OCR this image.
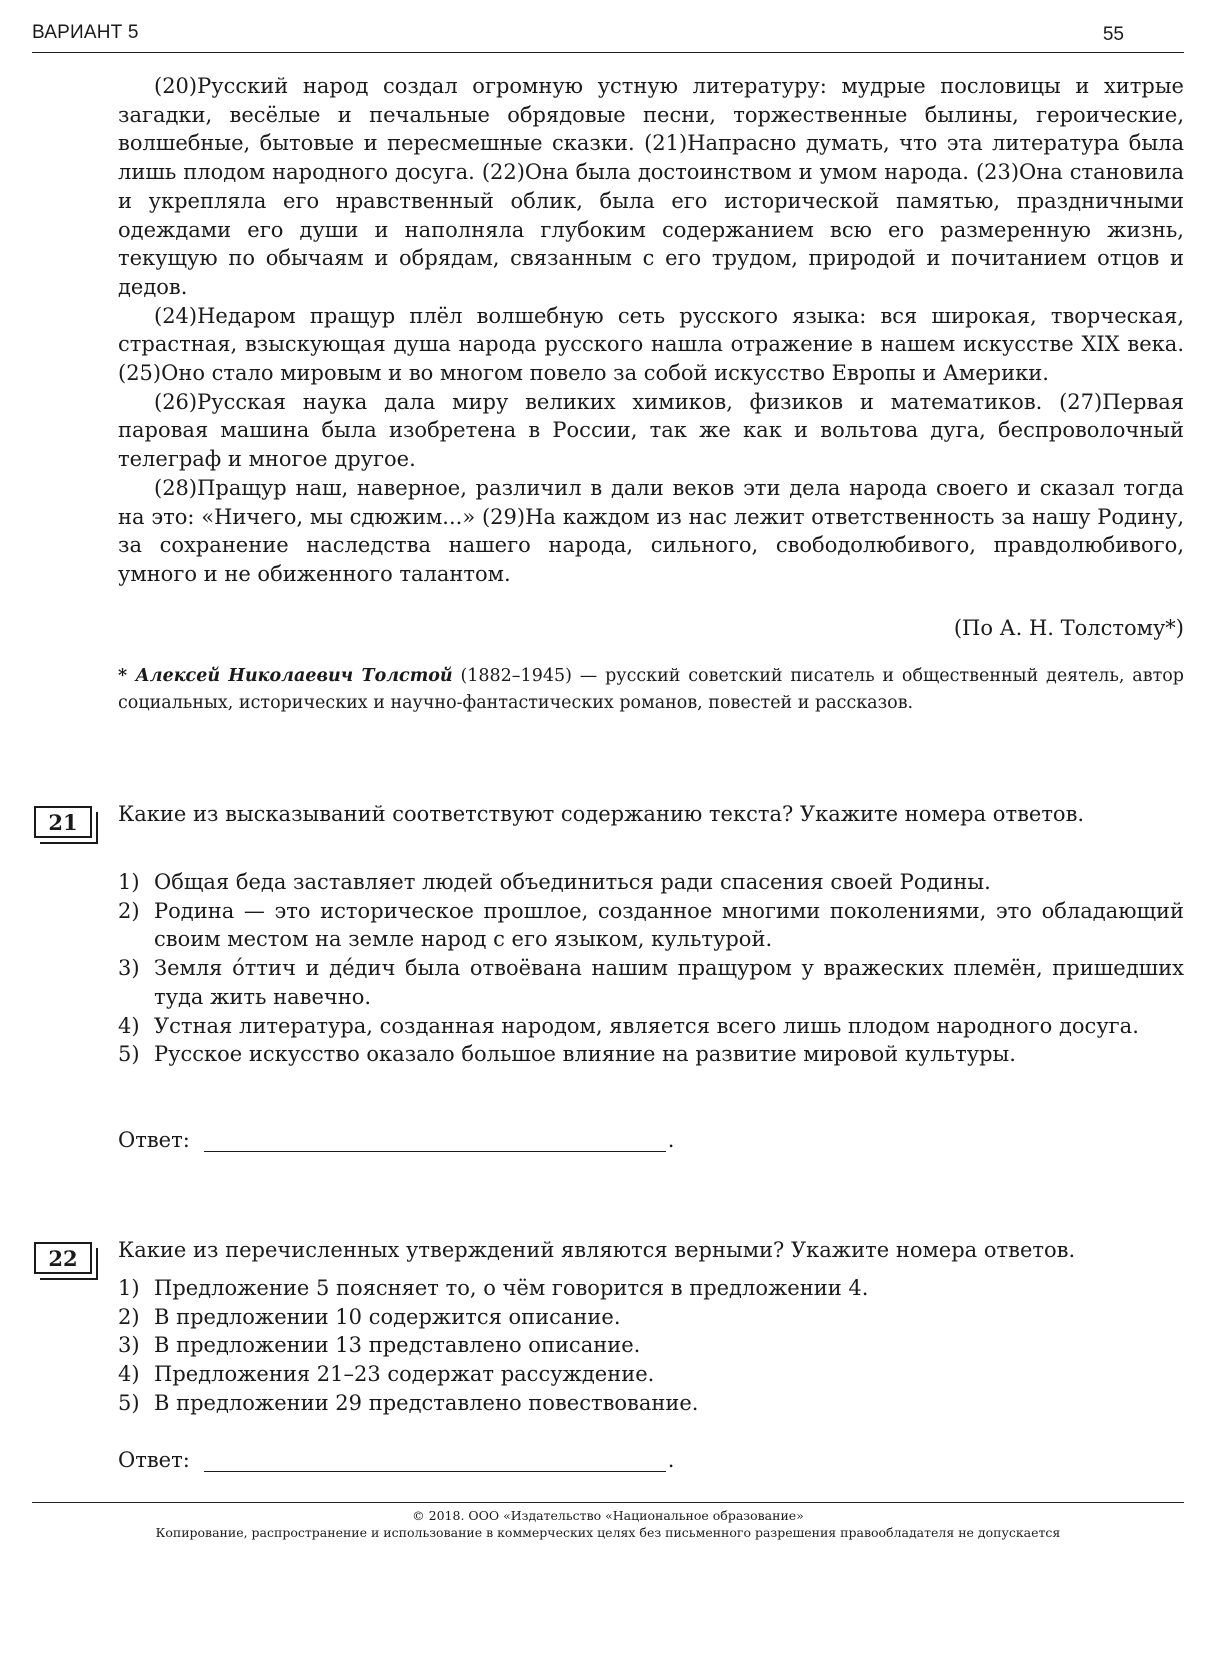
ВАРИАНТ 5	55

(20)Русский народ создал огромную устную литературу: мудрые пословицы и хитрые загадки, весёлые и печальные обрядовые песни, торжественные былины, героические, волшебные, бытовые и пересмешные сказки. (21)Напрасно думать, что эта литература была лишь плодом народного досуга. (22)Она была достоинством и умом народа. (23)Она становила и укрепляла его нравственный облик, была его исторической памятью, праздничными одеждами его души и наполняла глубоким содержанием всю его размеренную жизнь, текущую по обычаям и обрядам, связанным с его трудом, природой и почитанием отцов и дедов.

(24)Недаром пращур плёл волшебную сеть русского языка: вся широкая, творческая, страстная, взыскующая душа народа русского нашла отражение в нашем искусстве XIX века. (25)Оно стало мировым и во многом повело за собой искусство Европы и Америки.

(26)Русская наука дала миру великих химиков, физиков и математиков. (27)Первая паровая машина была изобретена в России, так же как и вольтова дуга, беспроволочный телеграф и многое другое.

(28)Пращур наш, наверное, различил в дали веков эти дела народа своего и сказал тогда на это: «Ничего, мы сдюжим...» (29)На каждом из нас лежит ответственность за нашу Родину, за сохранение наследства нашего народа, сильного, свободолюбивого, правдолюбивого, умного и не обиженного талантом.

(По А. Н. Толстому*)
* Алексей Николаевич Толстой (1882–1945) — русский советский писатель и общественный деятель, автор социальных, исторических и научно-фантастических романов, повестей и рассказов.
21 Какие из высказываний соответствуют содержанию текста? Укажите номера ответов.
1) Общая беда заставляет людей объединиться ради спасения своей Родины.
2) Родина — это историческое прошлое, созданное многими поколениями, это обладающий своим местом на земле народ с его языком, культурой.
3) Земля о́ттич и де́дич была отвоёвана нашим пращуром у вражеских племён, пришедших туда жить навечно.
4) Устная литература, созданная народом, является всего лишь плодом народного досуга.
5) Русское искусство оказало большое влияние на развитие мировой культуры.
Ответ:	.
22 Какие из перечисленных утверждений являются верными? Укажите номера ответов.
1) Предложение 5 поясняет то, о чём говорится в предложении 4.
2) В предложении 10 содержится описание.
3) В предложении 13 представлено описание.
4) Предложения 21–23 содержат рассуждение.
5) В предложении 29 представлено повествование.
Ответ:	.
© 2018. ООО «Издательство «Национальное образование»
Копирование, распространение и использование в коммерческих целях без письменного разрешения правообладателя не допускается
